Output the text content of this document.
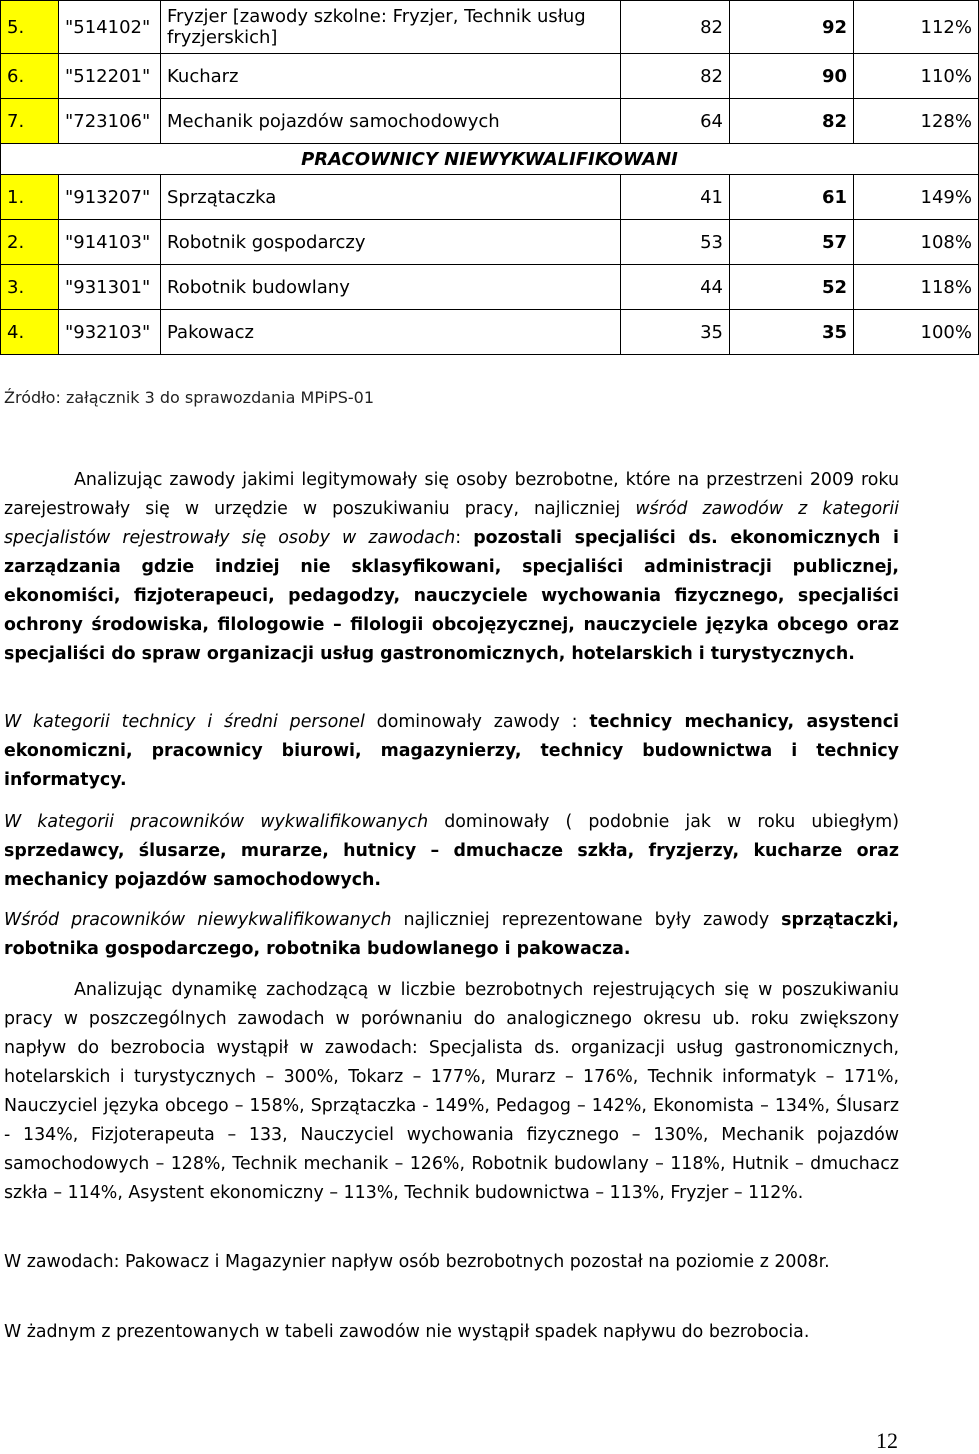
5.	"514102"	Fryzjer [zawody szkolne: Fryzjer, Technik usług fryzjerskich]	82	92	112%
6.	"512201"	Kucharz	82	90	110%
7.	"723106"	Mechanik pojazdów samochodowych	64	82	128%
PRACOWNICY NIEWYKWALIFIKOWANI					
1.	"913207"	Sprzątaczka	41	61	149%
2.	"914103"	Robotnik gospodarczy	53	57	108%
3.	"931301"	Robotnik budowlany	44	52	118%
4.	"932103"	Pakowacz	35	35	100%
Źródło: załącznik 3 do sprawozdania MPiPS-01

Analizując zawody jakimi legitymowały się osoby bezrobotne, które na przestrzeni 2009 roku zarejestrowały się w urzędzie w poszukiwaniu pracy, najliczniej wśród zawodów z kategorii specjalistów rejestrowały się osoby w zawodach: pozostali specjaliści ds. ekonomicznych i zarządzania gdzie indziej nie sklasyfikowani, specjaliści administracji publicznej, ekonomiści, fizjoterapeuci, pedagodzy, nauczyciele wychowania fizycznego, specjaliści ochrony środowiska, filologowie – filologii obcojęzycznej, nauczyciele języka obcego oraz specjaliści do spraw organizacji usług gastronomicznych, hotelarskich i turystycznych.

W kategorii technicy i średni personel dominowały zawody : technicy mechanicy, asystenci ekonomiczni, pracownicy biurowi, magazynierzy, technicy budownictwa i technicy informatycy.

W kategorii pracowników wykwalifikowanych dominowały ( podobnie jak w roku ubiegłym) sprzedawcy, ślusarze, murarze, hutnicy – dmuchacze szkła, fryzjerzy, kucharze oraz mechanicy pojazdów samochodowych.

Wśród pracowników niewykwalifikowanych najliczniej reprezentowane były zawody sprzątaczki, robotnika gospodarczego, robotnika budowlanego i pakowacza.

Analizując dynamikę zachodzącą w liczbie bezrobotnych rejestrujących się w poszukiwaniu pracy w poszczególnych zawodach w porównaniu do analogicznego okresu ub. roku zwiększony napływ do bezrobocia wystąpił w zawodach: Specjalista ds. organizacji usług gastronomicznych, hotelarskich i turystycznych – 300%, Tokarz – 177%, Murarz – 176%, Technik informatyk – 171%, Nauczyciel języka obcego – 158%, Sprzątaczka - 149%, Pedagog – 142%, Ekonomista – 134%, Ślusarz - 134%, Fizjoterapeuta – 133, Nauczyciel wychowania fizycznego – 130%, Mechanik pojazdów samochodowych – 128%, Technik mechanik – 126%, Robotnik budowlany – 118%, Hutnik – dmuchacz szkła – 114%, Asystent ekonomiczny – 113%, Technik budownictwa – 113%, Fryzjer – 112%.

W zawodach: Pakowacz i Magazynier napływ osób bezrobotnych pozostał na poziomie z 2008r.

W żadnym z prezentowanych w tabeli zawodów nie wystąpił spadek napływu do bezrobocia.

12
